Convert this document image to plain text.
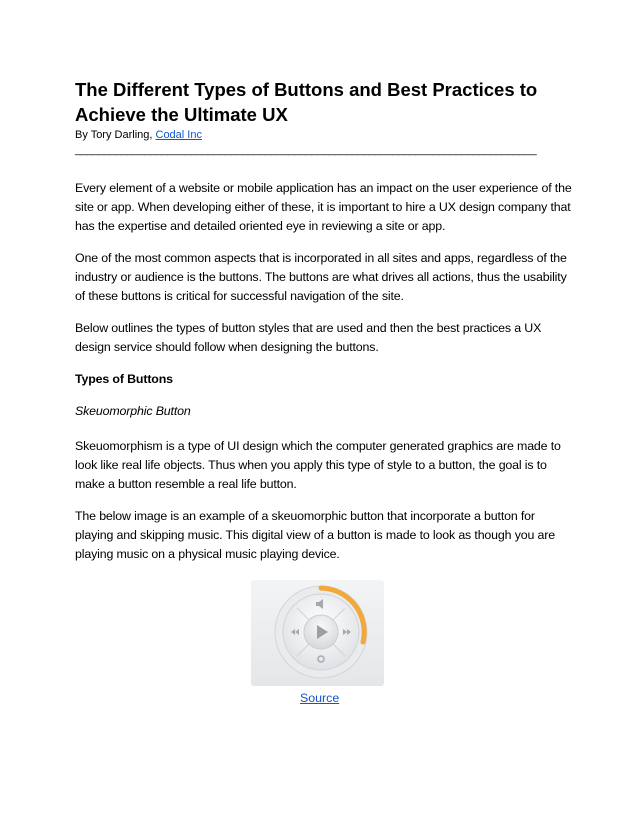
The Different Types of Buttons and Best Practices to Achieve the Ultimate UX
By Tory Darling, Codal Inc
________________________________________________________________________________

Every element of a website or mobile application has an impact on the user experience of the site or app. When developing either of these, it is important to hire a UX design company that has the expertise and detailed oriented eye in reviewing a site or app.

One of the most common aspects that is incorporated in all sites and apps, regardless of the industry or audience is the buttons. The buttons are what drives all actions, thus the usability of these buttons is critical for successful navigation of the site.

Below outlines the types of button styles that are used and then the best practices a UX design service should follow when designing the buttons.

Types of Buttons

Skeuomorphic Button

Skeuomorphism is a type of UI design which the computer generated graphics are made to look like real life objects. Thus when you apply this type of style to a button, the goal is to make a button resemble a real life button.

The below image is an example of a skeuomorphic button that incorporate a button for playing and skipping music. This digital view of a button is made to look as though you are playing music on a physical music playing device.

Source
